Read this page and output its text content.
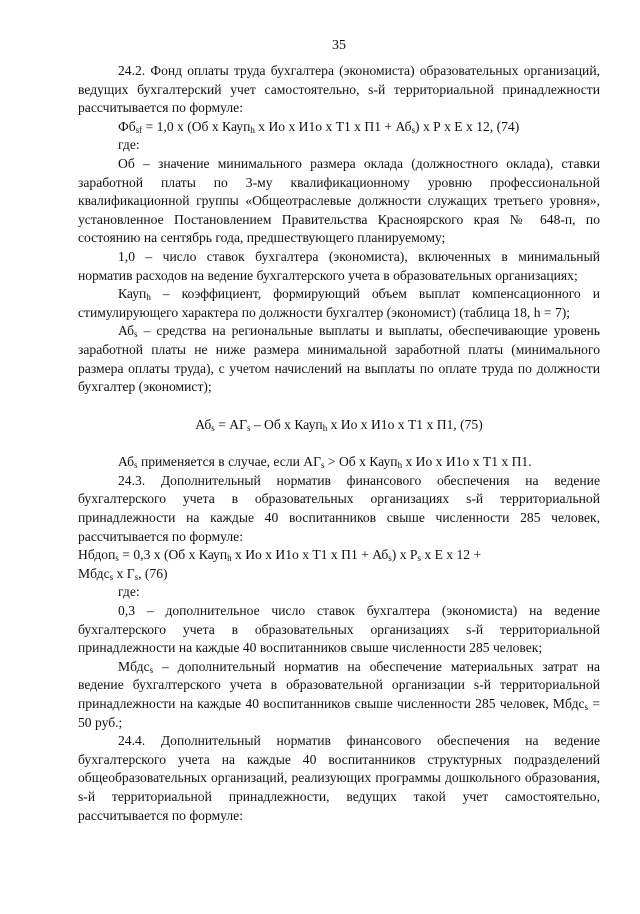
35

24.2. Фонд оплаты труда бухгалтера (экономиста) образовательных организаций, ведущих бухгалтерский учет самостоятельно, s-й территориальной принадлежности рассчитывается по формуле:

$Фб_{sf} = 1,0$ x (Об x Кауп$_h$ x Ио x И1о x Т1 x $П1 + Аб_s$) x Р x Е x 12, (74)

где:

Об – значение минимального размера оклада (должностного оклада), ставки заработной платы по 3-му квалификационному уровню профессиональной квалификационной группы «Общеотраслевые должности служащих третьего уровня», установленное Постановлением Правительства Красноярского края № 648-п, по состоянию на сентябрь года, предшествующего планируемому;

1,0 – число ставок бухгалтера (экономиста), включенных в минимальный норматив расходов на ведение бухгалтерского учета в образовательных организациях;

Кауп$_h$ – коэффициент, формирующий объем выплат компенсационного и стимулирующего характера по должности бухгалтер (экономист) (таблица 18, h = 7);

$Аб_s$ – средства на региональные выплаты и выплаты, обеспечивающие уровень заработной платы не ниже размера минимальной заработной платы (минимального размера оплаты труда), с учетом начислений на выплаты по оплате труда по должности бухгалтер (экономист);

$Аб_s = АГ_s$ – Об x Кауп$_h$ x Ио x И1о x Т1 x П1, (75)

$Аб_s$ применяется в случае, если $АГ_s$ > Об x Кауп$_h$ x Ио x И1о x Т1 x П1.

24.3. Дополнительный норматив финансового обеспечения на ведение бухгалтерского учета в образовательных организациях s-й территориальной принадлежности на каждые 40 воспитанников свыше численности 285 человек, рассчитывается по формуле:

Нбдоп$_s$ = 0,3 x (Об x Кауп$_h$ x Ио x И1о x Т1 x $П1 + Аб_s$) x $Р_s$ x Е x 12 +

Мбдс$_s$ x $Г_s$, (76)

где:

0,3 – дополнительное число ставок бухгалтера (экономиста) на ведение бухгалтерского учета в образовательных организациях s-й территориальной принадлежности на каждые 40 воспитанников свыше численности 285 человек;

Мбдс$_s$ – дополнительный норматив на обеспечение материальных затрат на ведение бухгалтерского учета в образовательной организации s-й территориальной принадлежности на каждые 40 воспитанников свыше численности 285 человек, Мбдс$_s$ = 50 руб.;

24.4. Дополнительный норматив финансового обеспечения на ведение бухгалтерского учета на каждые 40 воспитанников структурных подразделений общеобразовательных организаций, реализующих программы дошкольного образования, s-й территориальной принадлежности, ведущих такой учет самостоятельно, рассчитывается по формуле:
